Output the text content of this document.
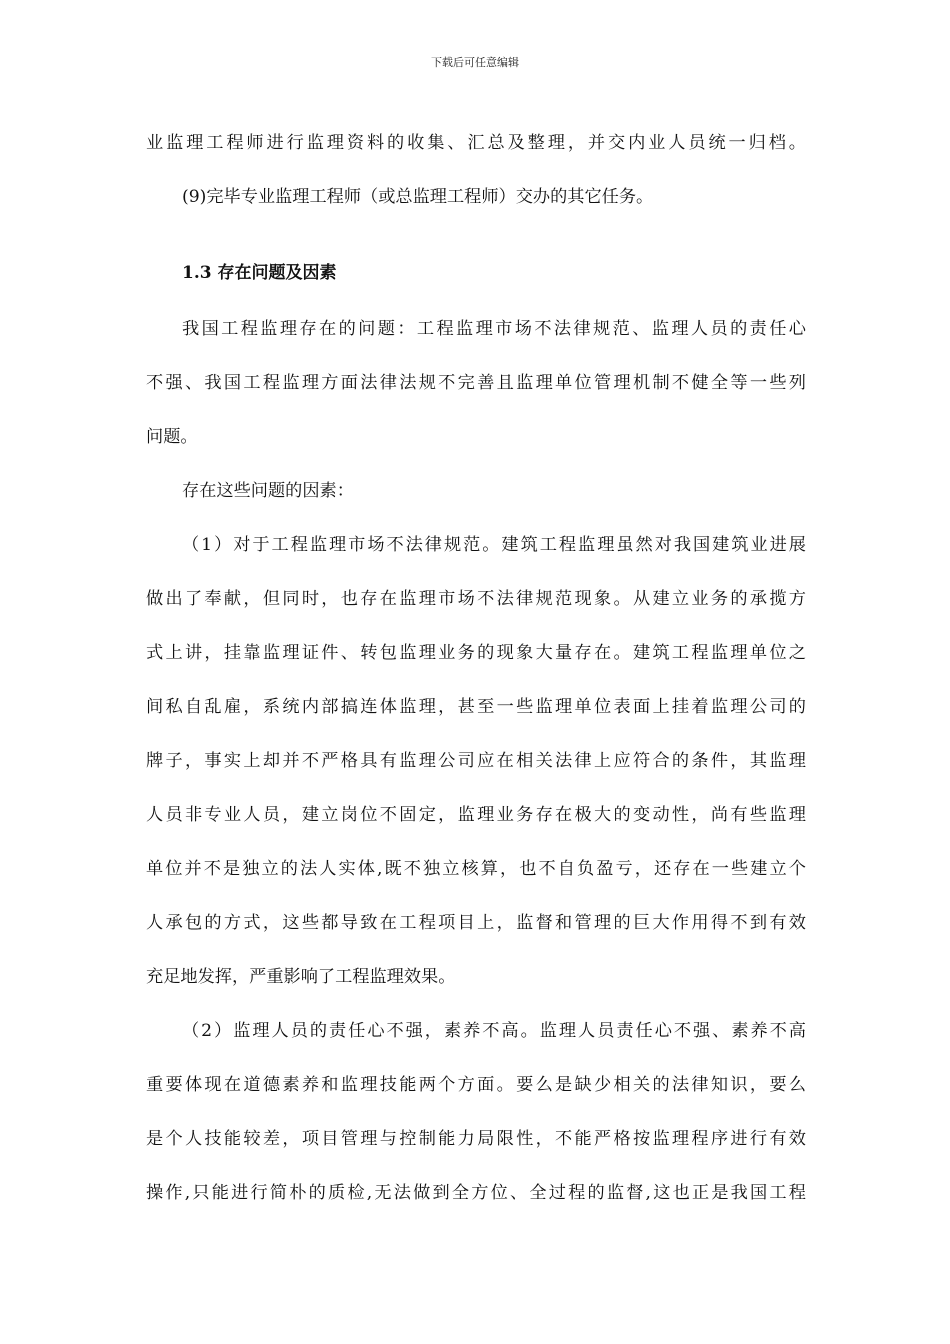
下载后可任意编辑
业监理工程师进行监理资料的收集、汇总及整理，并交内业人员统一归档。
(9)完毕专业监理工程师（或总监理工程师）交办的其它任务。
1.3 存在问题及因素
我国工程监理存在的问题：工程监理市场不法律规范、监理人员的责任心
不强、我国工程监理方面法律法规不完善且监理单位管理机制不健全等一些列
问题。
存在这些问题的因素：
（1）对于工程监理市场不法律规范。建筑工程监理虽然对我国建筑业进展
做出了奉献，但同时，也存在监理市场不法律规范现象。从建立业务的承揽方
式上讲，挂靠监理证件、转包监理业务的现象大量存在。建筑工程监理单位之
间私自乱雇，系统内部搞连体监理，甚至一些监理单位表面上挂着监理公司的
牌子，事实上却并不严格具有监理公司应在相关法律上应符合的条件，其监理
人员非专业人员，建立岗位不固定，监理业务存在极大的变动性，尚有些监理
单位并不是独立的法人实体,既不独立核算，也不自负盈亏，还存在一些建立个
人承包的方式，这些都导致在工程项目上，监督和管理的巨大作用得不到有效
充足地发挥，严重影响了工程监理效果。
（2）监理人员的责任心不强，素养不高。监理人员责任心不强、素养不高
重要体现在道德素养和监理技能两个方面。要么是缺少相关的法律知识，要么
是个人技能较差，项目管理与控制能力局限性，不能严格按监理程序进行有效
操作,只能进行简朴的质检,无法做到全方位、全过程的监督,这也正是我国工程
